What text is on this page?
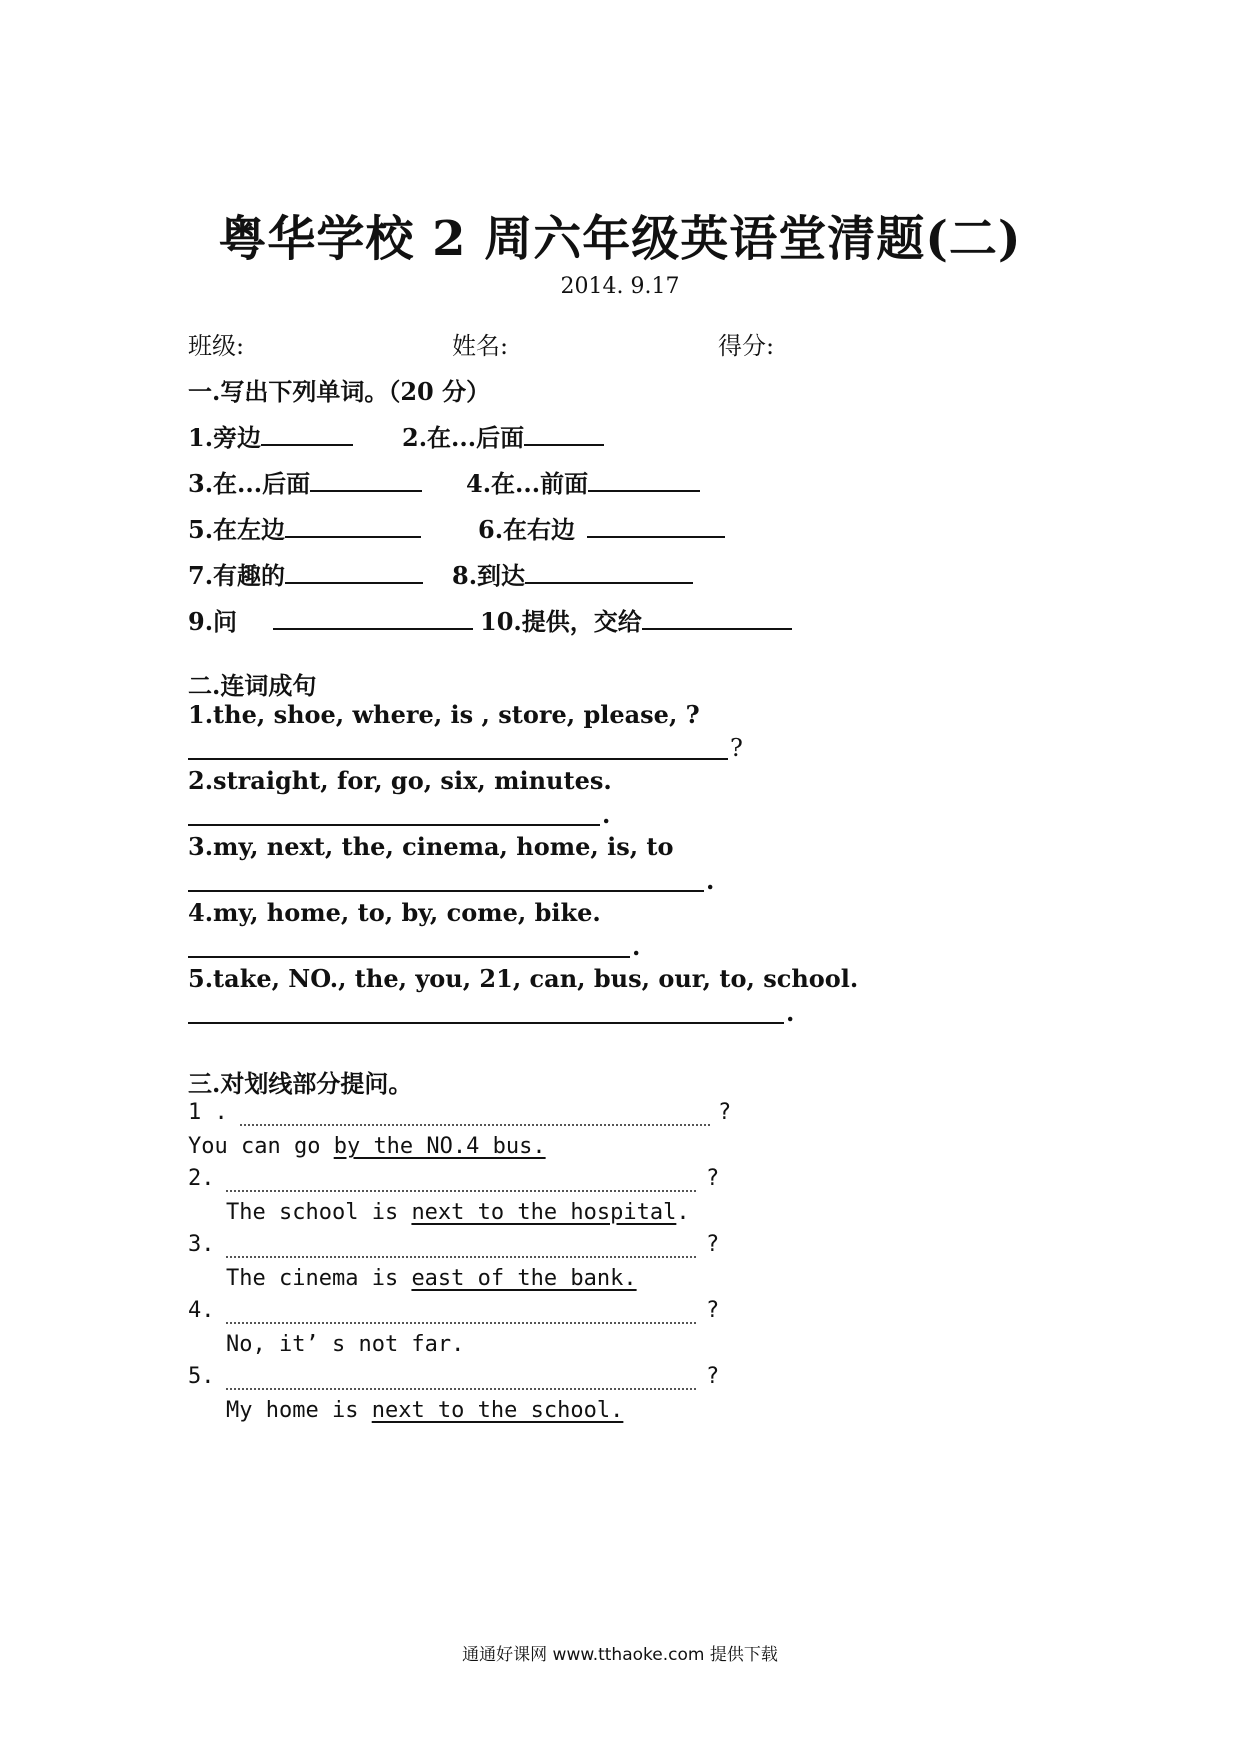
粤华学校 2 周六年级英语堂清题(二)
2014. 9.17
班级:	姓名:	得分:
一.写出下列单词。（20 分）
1.旁边	2.在...后面
3.在...后面	4.在...前面
5.在左边	6.在右边
7.有趣的	8.到达
9.问	10.提供，交给
二.连词成句
1.the, shoe, where, is , store, please, ?
?
2.straight, for, go, six, minutes.
.
3.my, next, the, cinema, home, is, to
.
4.my, home, to, by, come, bike.
.
5.take, NO., the, you, 21, can, bus, our, to, school.
.
三.对划线部分提问。
1 .	?
You can go by the NO.4 bus.
2.	?
The school is next to the hospital.
3.	?
The cinema is east of the bank.
4.	?
No, it’ s not far.
5.	?
My home is next to the school.
通通好课网 www.tthaoke.com 提供下载
